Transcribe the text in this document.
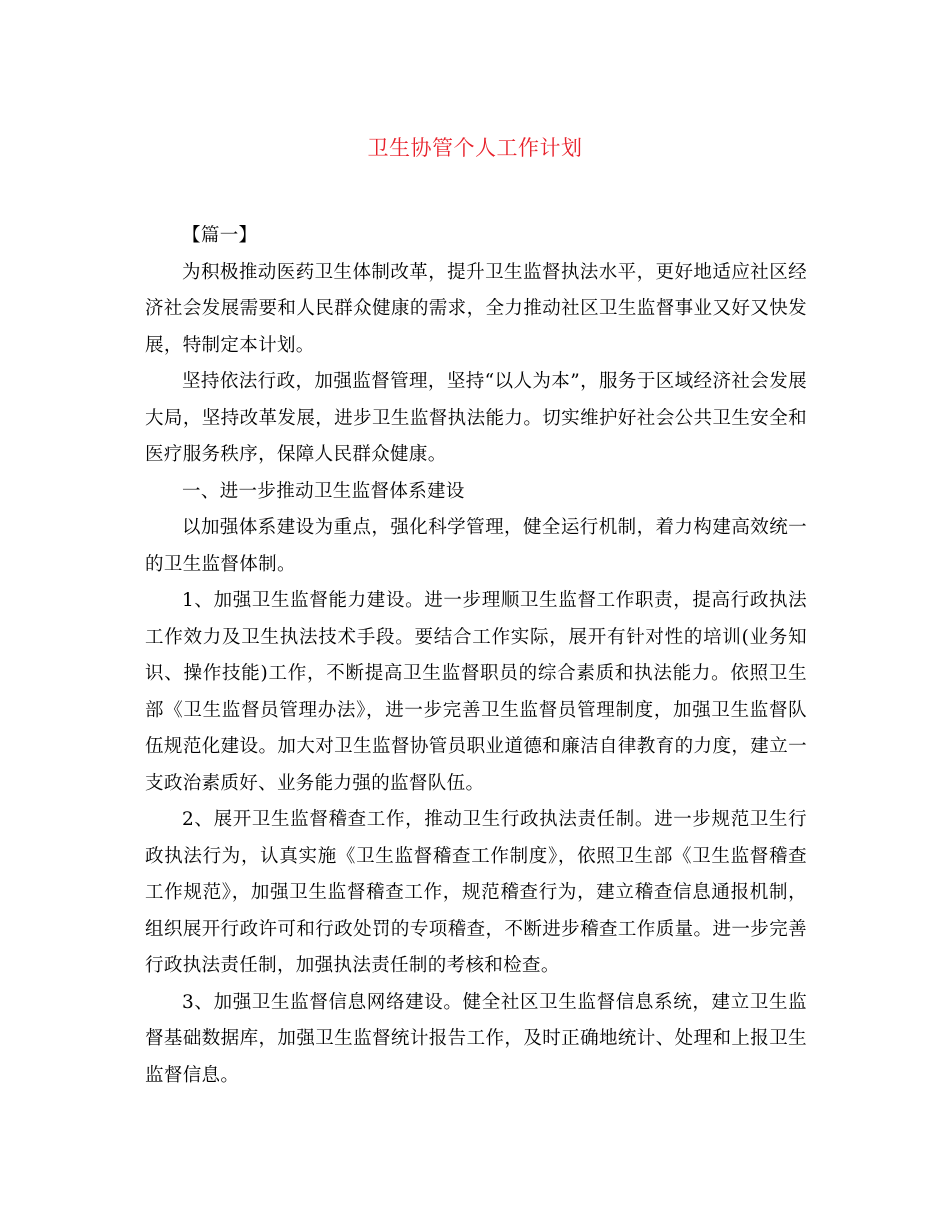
卫生协管个人工作计划

【篇一】

为积极推动医药卫生体制改革，提升卫生监督执法水平，更好地适应社区经济社会发展需要和人民群众健康的需求，全力推动社区卫生监督事业又好又快发展，特制定本计划。

坚持依法行政，加强监督管理，坚持“以人为本”，服务于区域经济社会发展大局，坚持改革发展，进步卫生监督执法能力。切实维护好社会公共卫生安全和医疗服务秩序，保障人民群众健康。

一、进一步推动卫生监督体系建设

以加强体系建设为重点，强化科学管理，健全运行机制，着力构建高效统一的卫生监督体制。

1、加强卫生监督能力建设。进一步理顺卫生监督工作职责，提高行政执法工作效力及卫生执法技术手段。要结合工作实际，展开有针对性的培训(业务知识、操作技能)工作，不断提高卫生监督职员的综合素质和执法能力。依照卫生部《卫生监督员管理办法》，进一步完善卫生监督员管理制度，加强卫生监督队伍规范化建设。加大对卫生监督协管员职业道德和廉洁自律教育的力度，建立一支政治素质好、业务能力强的监督队伍。

2、展开卫生监督稽查工作，推动卫生行政执法责任制。进一步规范卫生行政执法行为，认真实施《卫生监督稽查工作制度》，依照卫生部《卫生监督稽查工作规范》，加强卫生监督稽查工作，规范稽查行为，建立稽查信息通报机制，组织展开行政许可和行政处罚的专项稽查，不断进步稽查工作质量。进一步完善行政执法责任制，加强执法责任制的考核和检查。

3、加强卫生监督信息网络建设。健全社区卫生监督信息系统，建立卫生监督基础数据库，加强卫生监督统计报告工作，及时正确地统计、处理和上报卫生监督信息。
